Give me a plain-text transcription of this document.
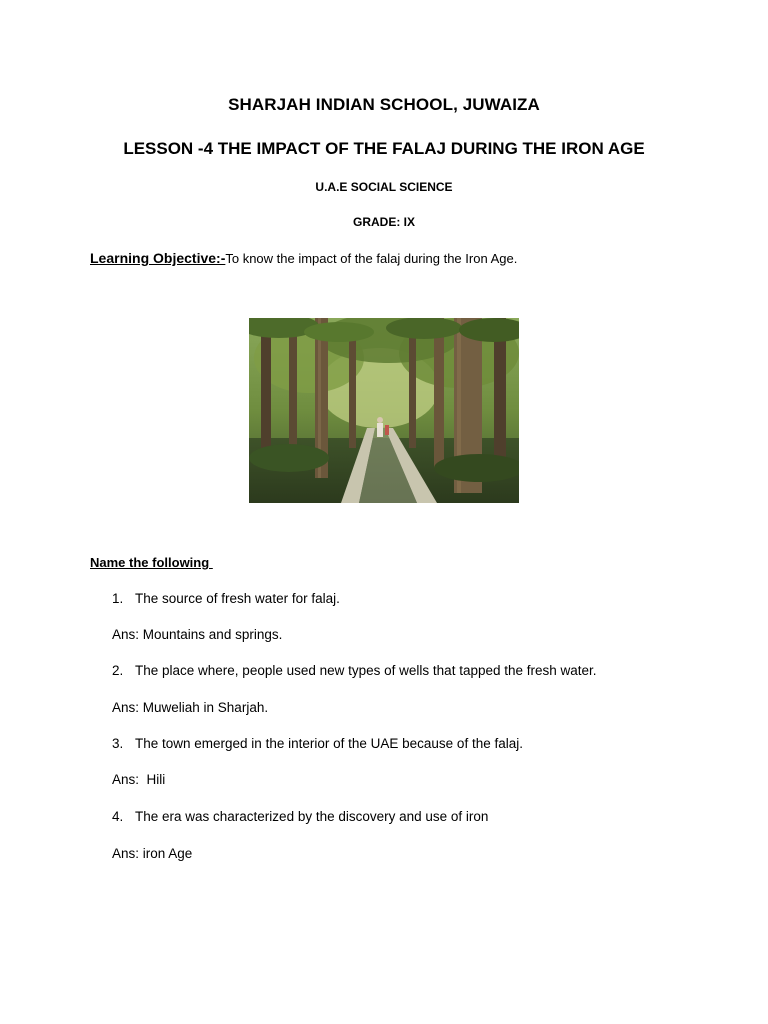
SHARJAH INDIAN SCHOOL, JUWAIZA
LESSON -4 THE IMPACT OF THE FALAJ DURING THE IRON AGE
U.A.E SOCIAL SCIENCE
GRADE: IX
Learning Objective:-To know the impact of the falaj during the Iron Age.
Name the following
1. The source of fresh water for falaj.
Ans: Mountains and springs.
2. The place where, people used new types of wells that tapped the fresh water.
Ans: Muweliah in Sharjah.
3. The town emerged in the interior of the UAE because of the falaj.
Ans:  Hili
4. The era was characterized by the discovery and use of iron
Ans: iron Age
